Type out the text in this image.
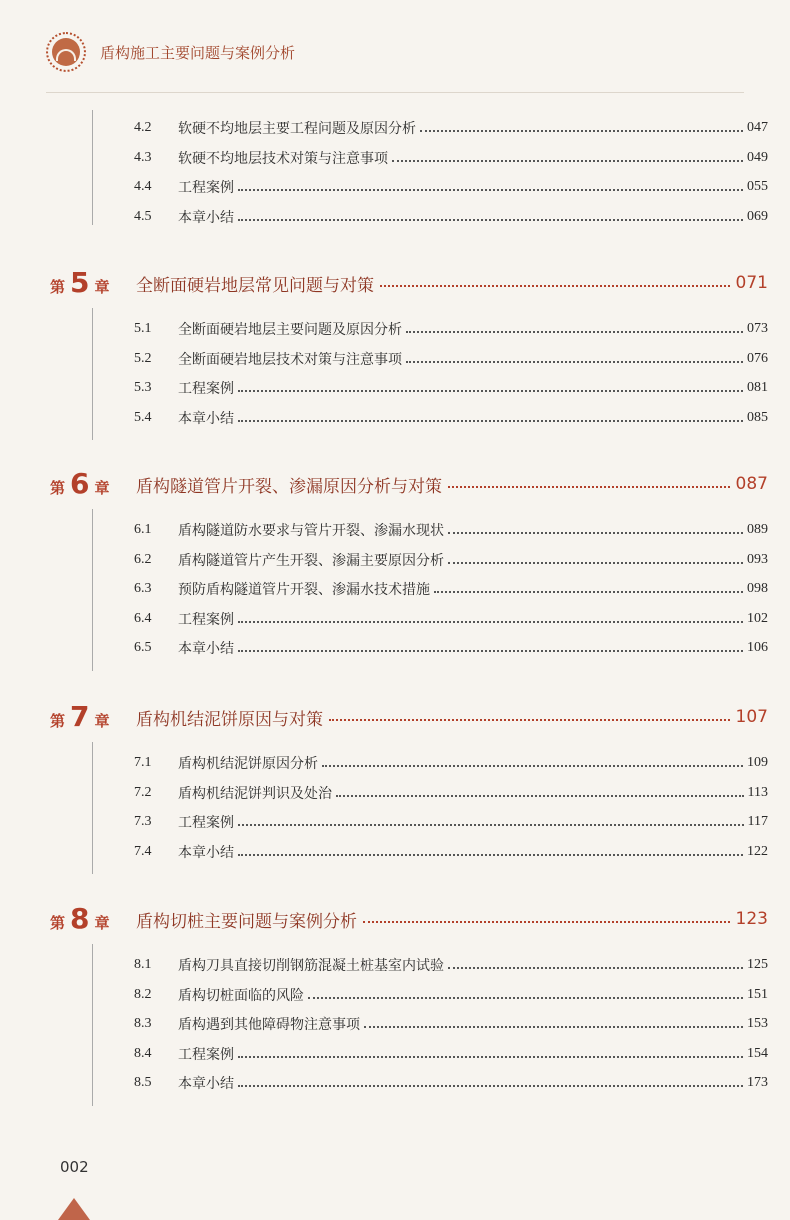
盾构施工主要问题与案例分析
4.2	软硬不均地层主要工程问题及原因分析	047
4.3	软硬不均地层技术对策与注意事项	049
4.4	工程案例	055
4.5	本章小结	069
第 5 章 全断面硬岩地层常见问题与对策	071
5.1	全断面硬岩地层主要问题及原因分析	073
5.2	全断面硬岩地层技术对策与注意事项	076
5.3	工程案例	081
5.4	本章小结	085
第 6 章 盾构隧道管片开裂、渗漏原因分析与对策	087
6.1	盾构隧道防水要求与管片开裂、渗漏水现状	089
6.2	盾构隧道管片产生开裂、渗漏主要原因分析	093
6.3	预防盾构隧道管片开裂、渗漏水技术措施	098
6.4	工程案例	102
6.5	本章小结	106
第 7 章 盾构机结泥饼原因与对策	107
7.1	盾构机结泥饼原因分析	109
7.2	盾构机结泥饼判识及处治	113
7.3	工程案例	117
7.4	本章小结	122
第 8 章 盾构切桩主要问题与案例分析	123
8.1	盾构刀具直接切削钢筋混凝土桩基室内试验	125
8.2	盾构切桩面临的风险	151
8.3	盾构遇到其他障碍物注意事项	153
8.4	工程案例	154
8.5	本章小结	173
002
